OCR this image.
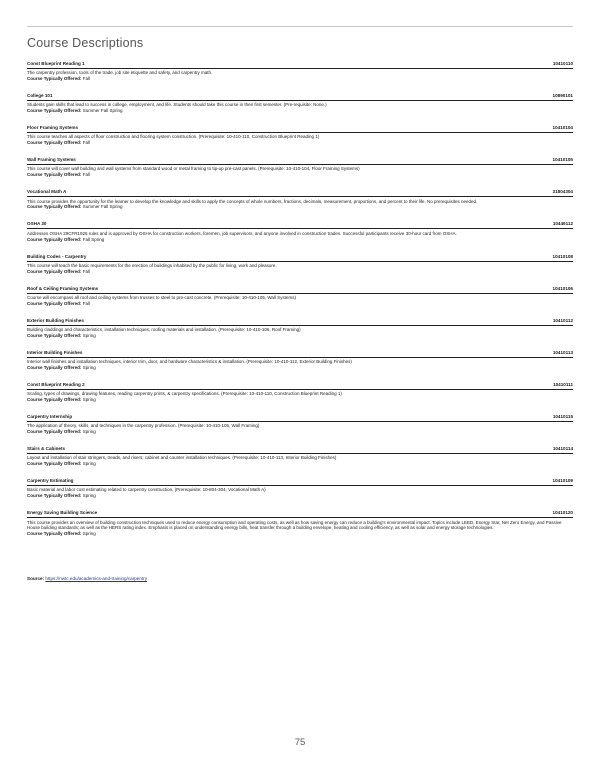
Course Descriptions
Const Blueprint Reading 1	10410110
The carpentry profession, tools of the trade, job site etiquette and safety, and carpentry math.
Course Typically Offered: Fall
College 101	10890101
Students gain skills that lead to success in college, employment, and life. Students should take this course in their first semester. (Pre-requisite: None.)
Course Typically Offered: Summer Fall Spring
Floor Framing Systems	10410104
This course teaches all aspects of floor construction and flooring system construction. (Prerequisite: 10-410-110, Construction Blueprint Reading 1)
Course Typically Offered: Fall
Wall Framing Systems	10410105
This course will cover wall building and wall systems from standard wood or metal framing to tip-up pre-cast panels. (Prerequisite: 10-410-104, Floor Framing Systems)
Course Typically Offered: Fall
Vocational Math A	31804304
This course provides the opportunity for the learner to develop the knowledge and skills to apply the concepts of whole numbers, fractions, decimals, measurement, proportions, and percent to their life. No prerequisites needed.
Course Typically Offered: Summer Fall Spring
OSHA 30	10449112
Addresses OSHA 29CFR1926 rules and is approved by OSHA for construction workers, foremen, job supervisors, and anyone involved in construction trades. Successful participants receive 30-hour card from OSHA.
Course Typically Offered: Fall Spring
Building Codes - Carpentry	10410108
This course will teach the basic requirements for the erection of buildings inhabited by the public for living, work and pleasure.
Course Typically Offered: Fall
Roof & Ceiling Framing Systems	10410106
Course will encompass all roof and ceiling systems from trusses to steel to pre-cast concrete. (Prerequisite: 10-410-105, Wall Systems)
Course Typically Offered: Fall
Exterior Building Finishes	10410112
Building claddings and characteristics, installation techniques, roofing materials and installation. (Prerequisite: 10-410-106, Roof Framing)
Course Typically Offered: Spring
Interior Building Finishes	10410113
Interior wall finishes and installation techniques, interior trim, door, and hardware characteristics & installation. (Prerequisite: 10-410-112, Exterior Building Finishes)
Course Typically Offered: Spring
Const Blueprint Reading 2	10410111
Scaling, types of drawings, drawing features, reading carpentry prints, & carpentry specifications. (Prerequisite: 10-410-110, Construction Blueprint Reading 1)
Course Typically Offered: Spring
Carpentry Internship	10410115
The application of theory, skills, and techniques in the carpentry profession. (Prerequisite: 10-410-105, Wall Framing)
Course Typically Offered: Spring
Stairs & Cabinets	10410114
Layout and installation of stair stringers, treads, and risers; cabinet and counter installation techniques. (Prerequisite: 10-410-113, Interior Building Finishes)
Course Typically Offered: Spring
Carpentry Estimating	10410109
Basic material and labor cost estimating related to carpentry construction. (Prerequisite: 10-804-304, Vocational Math A)
Course Typically Offered: Spring
Energy Saving Building Science	10410120
This course provides an overview of building construction techniques used to reduce energy consumption and operating costs, as well as how saving energy can reduce a building's environmental impact. Topics include LEED, Energy Star, Net Zero Energy, and Passive House building standards; as well as the HERS rating index. Emphasis is placed on understanding energy bills, heat transfer through a building envelope, heating and cooling efficiency, as well as solar and energy storage technologies.
Course Typically Offered: Spring
Source: https://nwtc.edu/academics-and-training/carpentry
75
